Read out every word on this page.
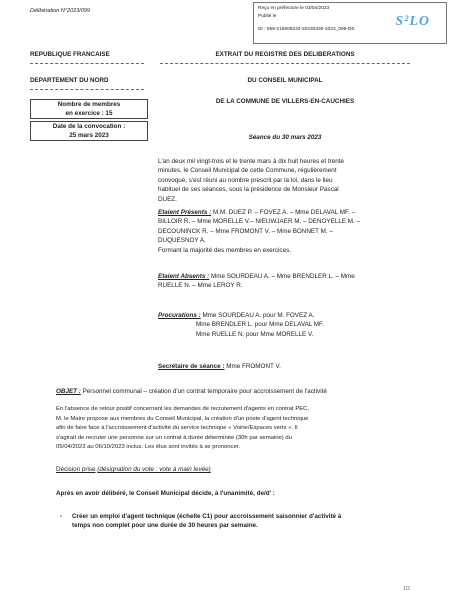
Délibération N°2023/099	Reçu en préfecture le 03/04/2023
Publié le
ID : 059-215906233-20230330-2023_099-DE
S²LO
REPUBLIQUE FRANCAISE
DEPARTEMENT DU NORD
Nombre de membres
en exercice : 15
Date de la convocation :
25 mars 2023
EXTRAIT DU REGISTRE DES DELIBERATIONS
DU CONSEIL MUNICIPAL
DE LA COMMUNE DE VILLERS-EN-CAUCHIES
Séance du 30 mars 2023
L'an deux mil vingt-trois et le trente mars à dix huit heures et trente
minutes, le Conseil Municipal de cette Commune, régulièrement
convoqué, s'est réuni au nombre prescrit par la loi, dans le lieu
habituel de ses séances, sous la présidence de Monsieur Pascal
DUEZ.
Etaient Présents : M.M. DUEZ P. – FOVEZ A. – Mme DELAVAL MF. –
BILLOIR R. – Mme MORELLE V.– NIEUWJAER M. – DENOYELLE M. –
DECOUNINCK R. – Mme FROMONT V. – Mme BONNET M. –
DUQUESNOY A.
Formant la majorité des membres en exercices.
Etaient Absents : Mme SOURDEAU A. – Mme BRENDLER L. – Mme
RUELLE N. – Mme LEROY R.
Procurations : Mme SOURDEAU A. pour M. FOVEZ A.
Mme BRENDLER L. pour Mme DELAVAL MF.
Mme RUELLE N. pour Mme MORELLE V.
Secrétaire de séance : Mme FROMONT V.
OBJET : Personnel communal – création d'un contrat temporaire pour accroissement de l'activité
En l'absence de retour positif concernant les demandes de recrutement d'agents en contrat PEC,
M. le Maire propose aux membres du Conseil Municipal, la création d'un poste d'agent technique
afin de faire face à l'accroissement d'activité du service technique « Voirie/Espaces verts ». Il
s'agirait de recruter une personne sur un contrat à durée déterminée (30h par semaine) du
05/04/2023 au 06/10/2023 inclus. Les élus sont invités à se prononcer.
Décision prise (désignation du vote : vote à main levée)
Après en avoir délibéré, le Conseil Municipal décide, à l'unanimité, de/d' :
-	Créer un emploi d'agent technique (échelle C1) pour accroissement saisonnier d'activité à
temps non complet pour une durée de 30 heures par semaine.
1/2
